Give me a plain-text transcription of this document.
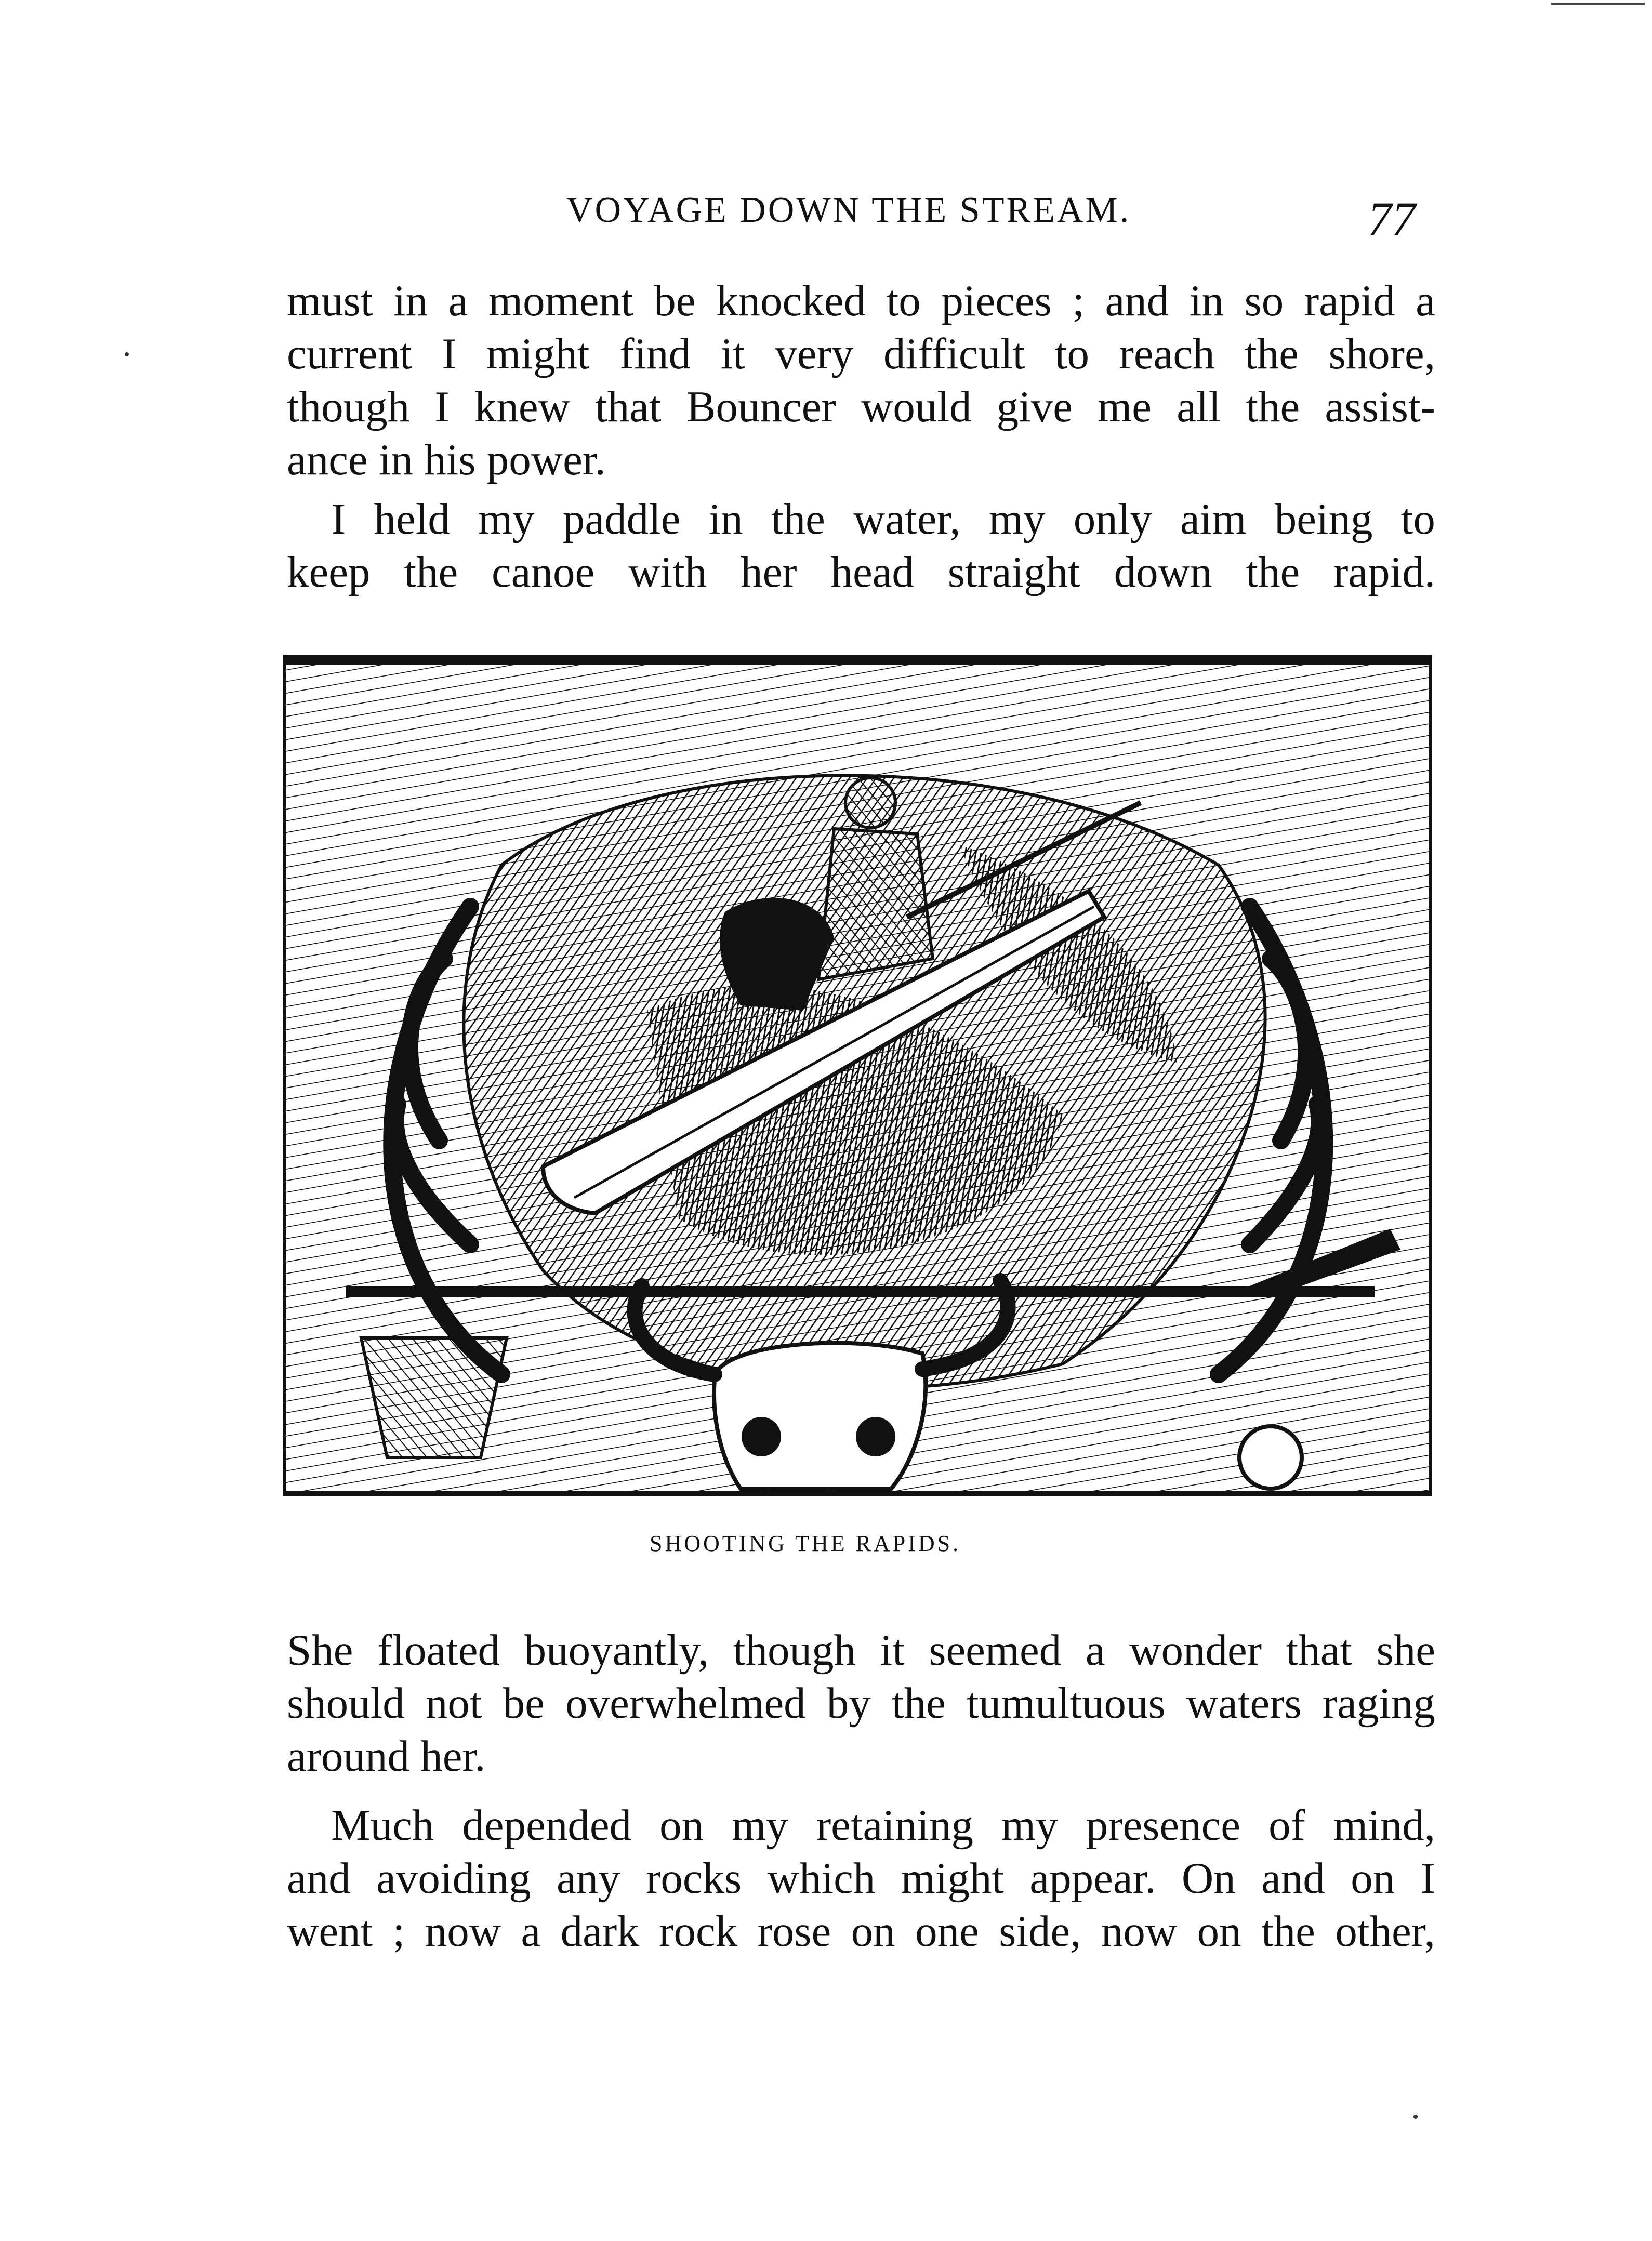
VOYAGE DOWN THE STREAM.	77
must in a moment be knocked to pieces ; and in so rapid a
current I might find it very difficult to reach the shore,
though I knew that Bouncer would give me all the assist-
ance in his power.
I held my paddle in the water, my only aim being to
keep the canoe with her head straight down the rapid.
SHOOTING THE RAPIDS.
She floated buoyantly, though it seemed a wonder that she
should not be overwhelmed by the tumultuous waters raging
around her.
Much depended on my retaining my presence of mind,
and avoiding any rocks which might appear. On and on I
went ; now a dark rock rose on one side, now on the other,
